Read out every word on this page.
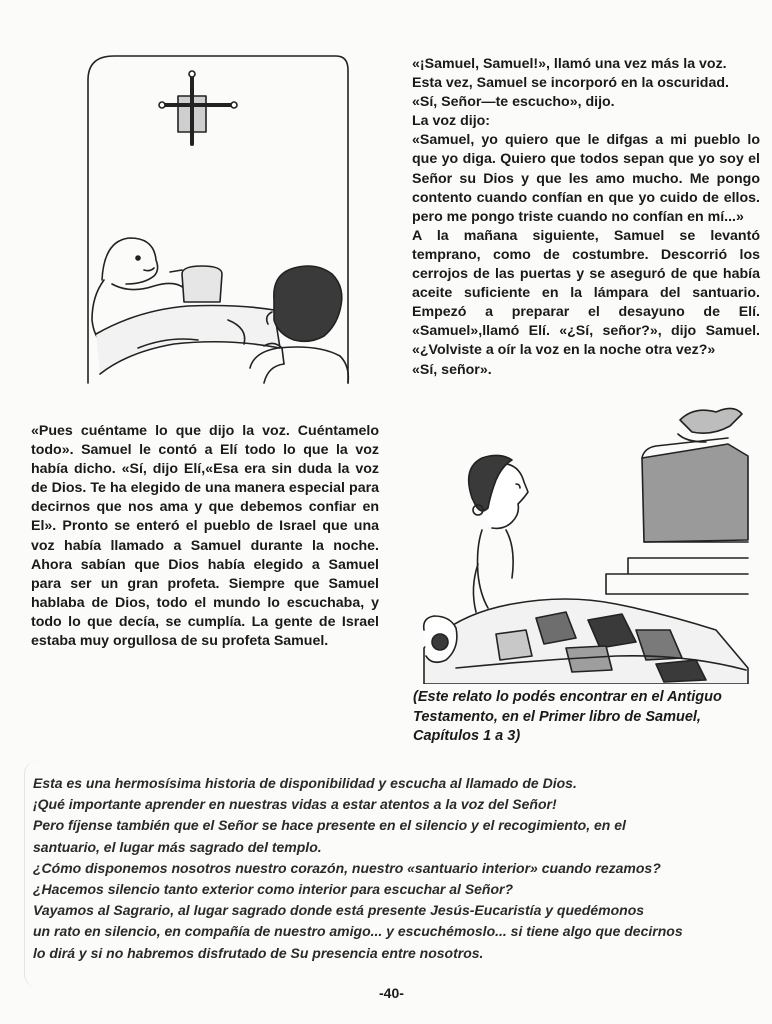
«¡Samuel, Samuel!», llamó una vez más la voz.

Esta vez, Samuel se incorporó en la oscuridad.

«Sí, Señor—te escucho», dijo.

La voz dijo:

«Samuel, yo quiero que le difgas a mi pueblo lo que yo diga. Quiero que todos sepan que yo soy el Señor su Dios y que les amo mucho. Me pongo contento cuando confían en que yo cuido de ellos. pero me pongo triste cuando no confían en mí...»

A la mañana siguiente, Samuel se levantó temprano, como de costumbre. Descorrió los cerrojos de las puertas y se aseguró de que había aceite suficiente en la lámpara del santuario. Empezó a preparar el desayuno de Elí. «Samuel»,llamó Elí. «¿Sí, señor?», dijo Samuel. «¿Volviste a oír la voz en la noche otra vez?»

«Sí, señor».

«Pues cuéntame lo que dijo la voz. Cuéntamelo todo». Samuel le contó a Elí todo lo que la voz había dicho. «Sí, dijo Elí,«Esa era sin duda la voz de Dios. Te ha elegido de una manera especial para decirnos que nos ama y que debemos confiar en El». Pronto se enteró el pueblo de Israel que una voz había llamado a Samuel durante la noche. Ahora sabían que Dios había elegido a Samuel para ser un gran profeta. Siempre que Samuel hablaba de Dios, todo el mundo lo escuchaba, y todo lo que decía, se cumplía. La gente de Israel estaba muy orgullosa de su profeta Samuel.

(Este relato lo podés encontrar en el Antiguo Testamento, en el Primer libro de Samuel, Capítulos 1 a 3)

Esta es una hermosísima historia de disponibilidad y escucha al llamado de Dios.

¡Qué importante aprender en nuestras vidas a estar atentos a la voz del Señor!

Pero fíjense también que el Señor se hace presente en el silencio y el recogimiento, en el

santuario, el lugar más sagrado del templo.

¿Cómo disponemos nosotros nuestro corazón, nuestro «santuario interior» cuando rezamos?

¿Hacemos silencio tanto exterior como interior para escuchar al Señor?

Vayamos al Sagrario, al lugar sagrado donde está presente Jesús-Eucaristía y quedémonos

un rato en silencio, en compañía de nuestro amigo... y escuchémoslo... si tiene algo que decirnos

lo dirá y si no habremos disfrutado de Su presencia entre nosotros.

-40-
